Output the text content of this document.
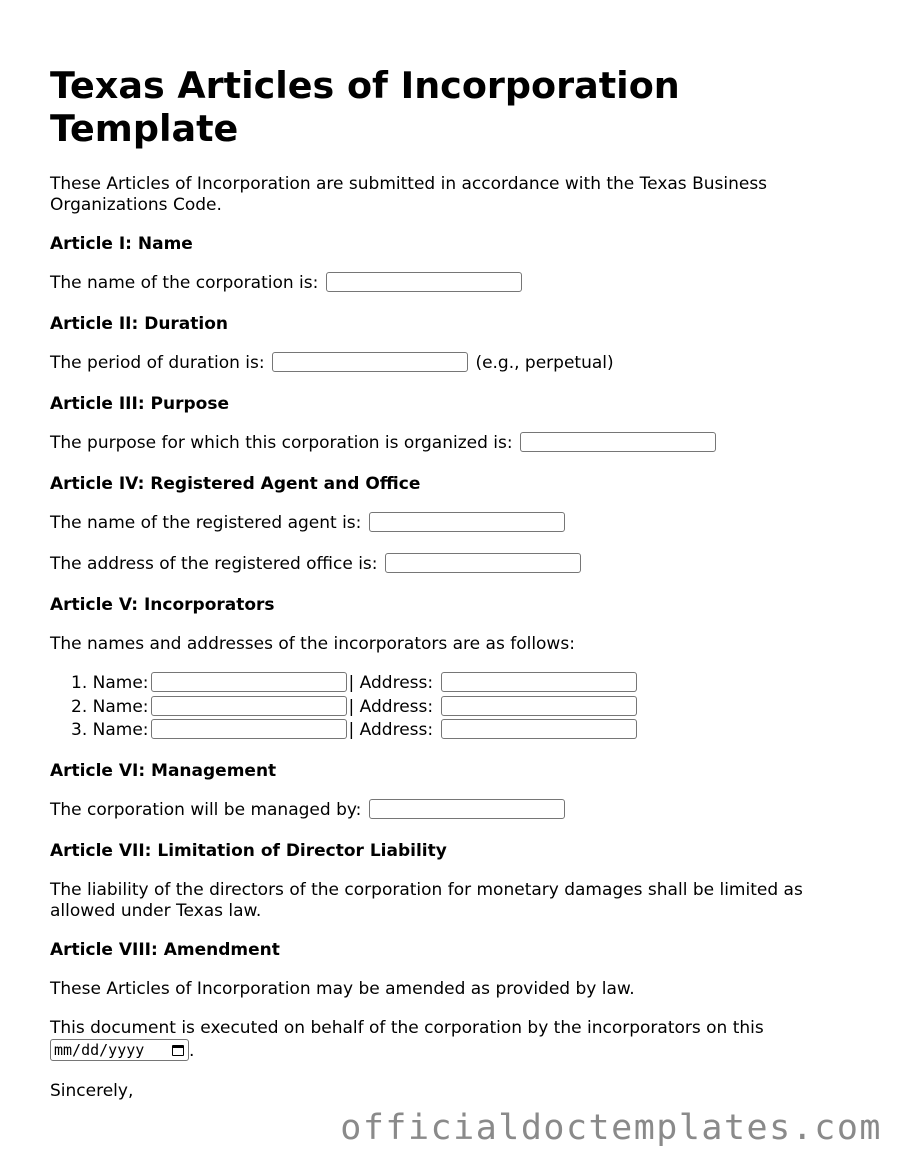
Texas Articles of Incorporation Template
These Articles of Incorporation are submitted in accordance with the Texas Business Organizations Code.
Article I: Name
The name of the corporation is:
Article II: Duration
The period of duration is:	(e.g., perpetual)
Article III: Purpose
The purpose for which this corporation is organized is:
Article IV: Registered Agent and Office
The name of the registered agent is:
The address of the registered office is:
Article V: Incorporators
The names and addresses of the incorporators are as follows:
1. Name:	| Address:
2. Name:	| Address:
3. Name:	| Address:
Article VI: Management
The corporation will be managed by:
Article VII: Limitation of Director Liability
The liability of the directors of the corporation for monetary damages shall be limited as allowed under Texas law.
Article VIII: Amendment
These Articles of Incorporation may be amended as provided by law.
This document is executed on behalf of the corporation by the incorporators on this
mm/dd/yyyy	.
Sincerely,
officialdoctemplates.com
